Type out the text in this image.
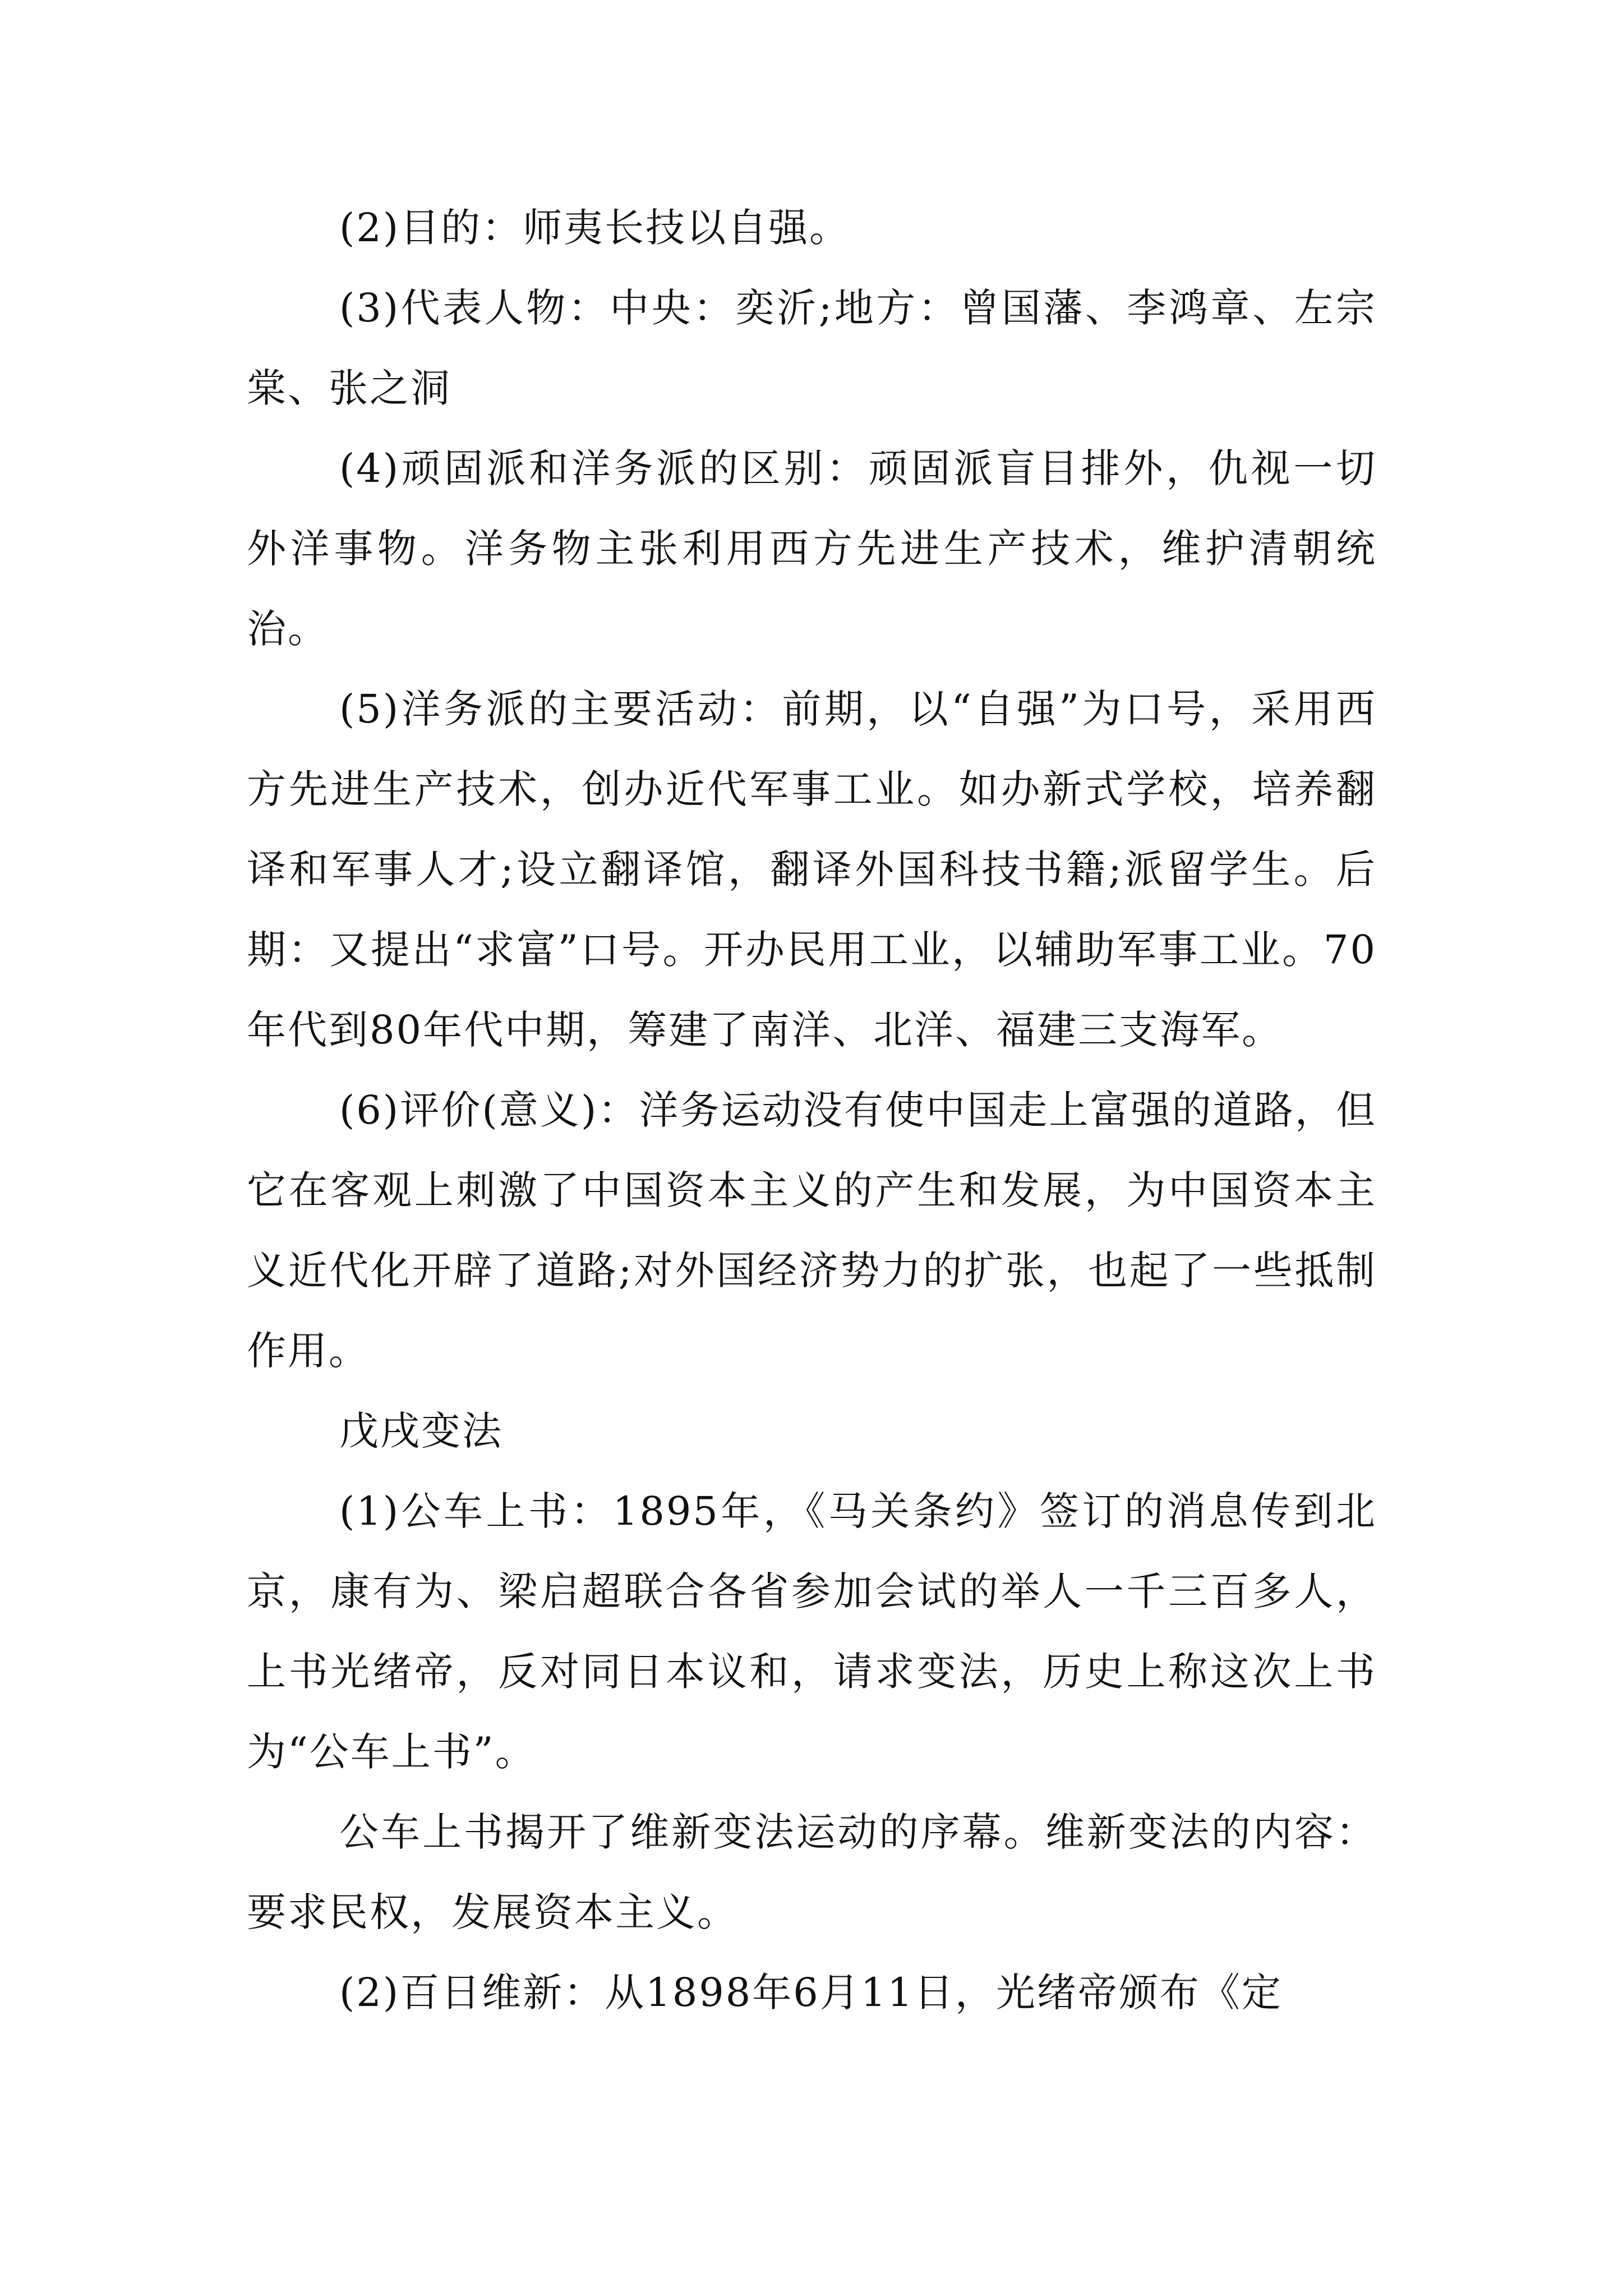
(2)目的：师夷长技以自强。

(3)代表人物：中央：奕沂;地方：曾国藩、李鸿章、左宗棠、张之洞

(4)顽固派和洋务派的区别：顽固派盲目排外，仇视一切外洋事物。洋务物主张利用西方先进生产技术，维护清朝统治。

(5)洋务派的主要活动：前期，以“自强”为口号，采用西方先进生产技术，创办近代军事工业。如办新式学校，培养翻译和军事人才;设立翻译馆，翻译外国科技书籍;派留学生。后期：又提出“求富”口号。开办民用工业，以辅助军事工业。70年代到80年代中期，筹建了南洋、北洋、福建三支海军。

(6)评价(意义)：洋务运动没有使中国走上富强的道路，但它在客观上刺激了中国资本主义的产生和发展，为中国资本主义近代化开辟了道路;对外国经济势力的扩张，也起了一些抵制作用。

戊戌变法

(1)公车上书：1895年，《马关条约》签订的消息传到北京，康有为、梁启超联合各省参加会试的举人一千三百多人，上书光绪帝，反对同日本议和，请求变法，历史上称这次上书为“公车上书”。

公车上书揭开了维新变法运动的序幕。维新变法的内容：要求民权，发展资本主义。

(2)百日维新：从1898年6月11日，光绪帝颁布《定
